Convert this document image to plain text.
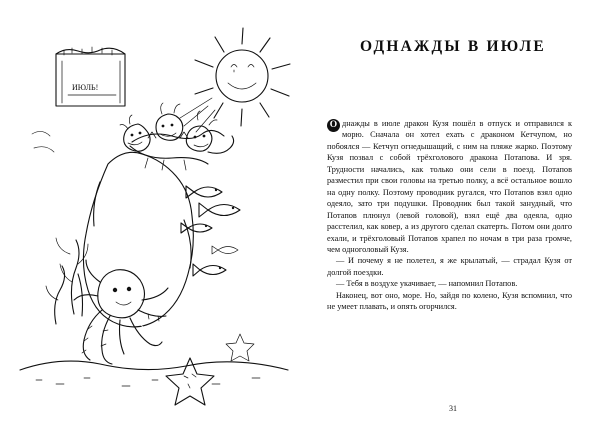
ИЮЛЬ!
ОДНАЖДЫ В ИЮЛЕ

О днажды в июле дракон Кузя пошёл в отпуск и отправился к морю. Сначала он хотел ехать с драконом Кетчупом, но побоялся — Кетчуп огнедышащий, с ним на пляже жарко. Поэтому Кузя позвал с собой трёхголового дракона Потапова. И зря. Трудности начались, как только они сели в поезд. Потапов разместил при свои головы на третью полку, а всё остальное вошло на одну полку. Поэтому проводник ругался, что Потапов взял одно одеяло, зато три подушки. Проводник был такой занудный, что Потапов плюнул (левой головой), взял ещё два одеяла, одно расстелил, как ковер, а из другого сделал скатерть. Потом они долго ехали, и трёхголовый Потапов храпел по ночам в три раза громче, чем одноголовый Кузя.

— И почему я не полетел, я же крылатый, — страдал Кузя от долгой поездки.

— Тебя в воздухе укачивает, — напомнил Потапов.

Наконец, вот оно, море. Но, зайдя по колено, Кузя вспомнил, что не умеет плавать, и опять огорчился.

31
